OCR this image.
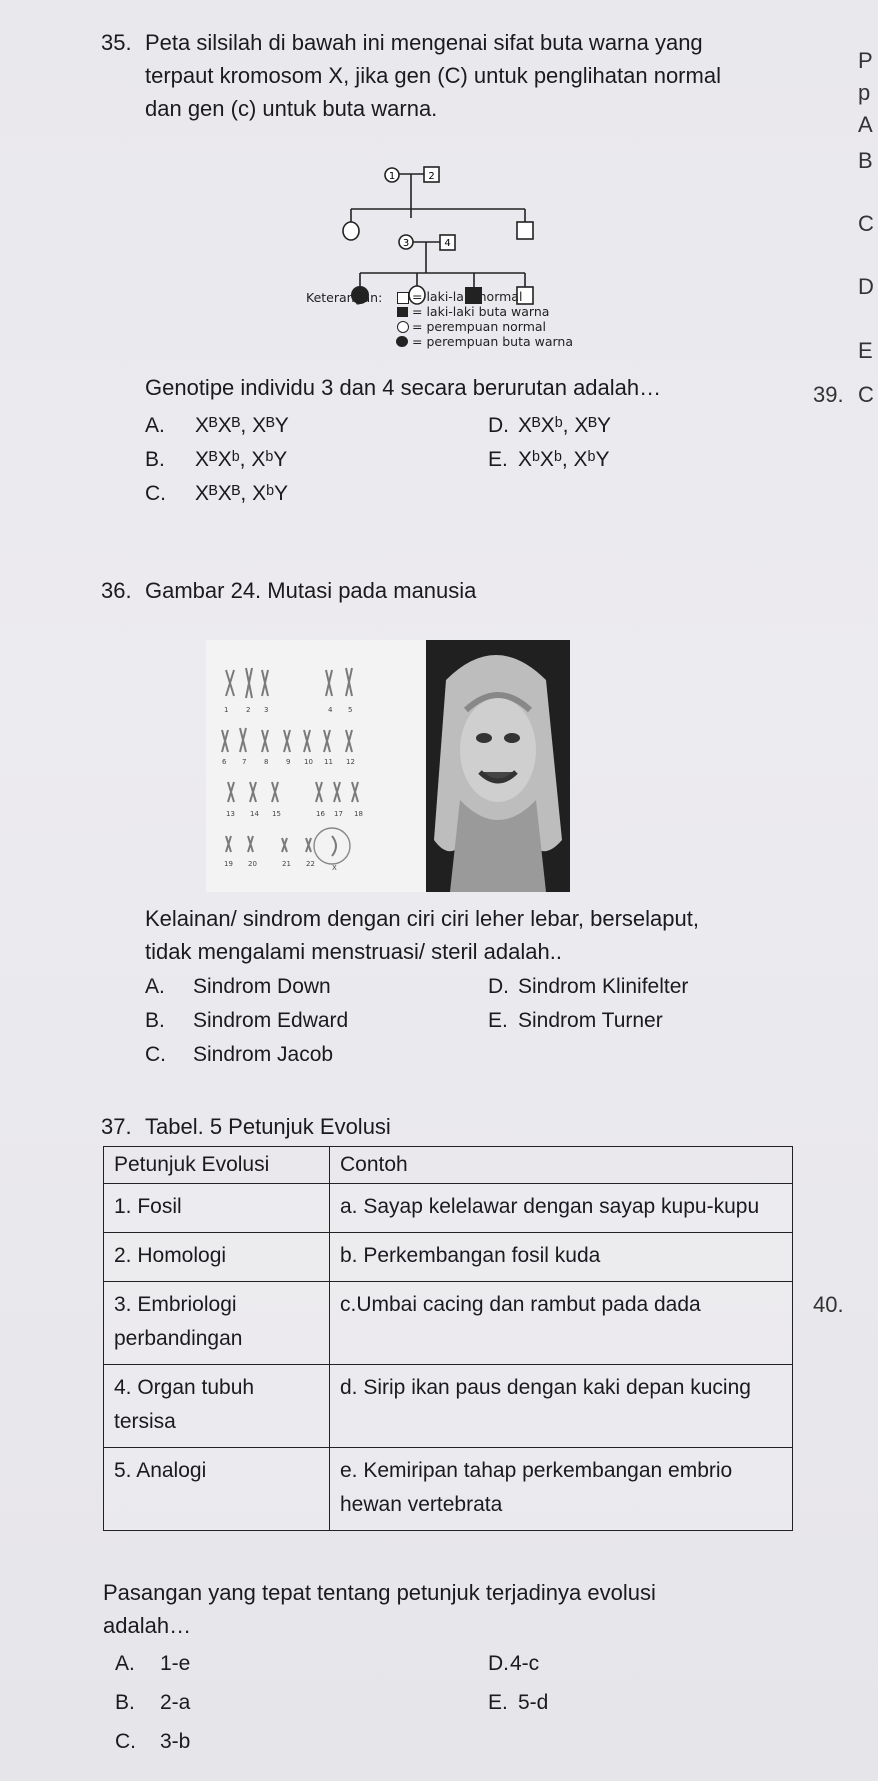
35. Peta silsilah di bawah ini mengenai sifat buta warna yang
terpaut kromosom X, jika gen (C) untuk penglihatan normal
dan gen (c) untuk buta warna.
1	2
3	4
Keterangan: = laki-laki normal
= laki-laki buta warna
= perempuan normal
= perempuan buta warna
Genotipe individu 3 dan 4 secara berurutan adalah…
A. XᴮXᴮ, XᴮY
B. XᴮXᵇ, XᵇY
C. XᴮXᴮ, XᵇY
D. XᴮXᵇ, XᴮY
E. XᵇXᵇ, XᵇY
36. Gambar 24. Mutasi pada manusia
1	2 3	4 5
6 7	8	9 10 11 12
13 14 15	16 17 18
19 20	21 22 X
Kelainan/ sindrom dengan ciri ciri leher lebar, berselaput,
tidak mengalami menstruasi/ steril adalah..
A. Sindrom Down
B. Sindrom Edward
C. Sindrom Jacob
D. Sindrom Klinifelter
E. Sindrom Turner
37. Tabel. 5 Petunjuk Evolusi
Petunjuk Evolusi	Contoh
1. Fosil	a. Sayap kelelawar dengan sayap kupu-kupu
2. Homologi	b. Perkembangan fosil kuda
3. Embriologi perbandingan	c.Umbai cacing dan rambut pada dada
4. Organ tubuh tersisa	d. Sirip ikan paus dengan kaki depan kucing
5. Analogi	e. Kemiripan tahap perkembangan embrio hewan vertebrata
Pasangan yang tepat tentang petunjuk terjadinya evolusi
adalah…
A. 1-e
B. 2-a
C. 3-b
D. 4-c
E. 5-d
P
p
A
B
C
D
E
39. C
40.
